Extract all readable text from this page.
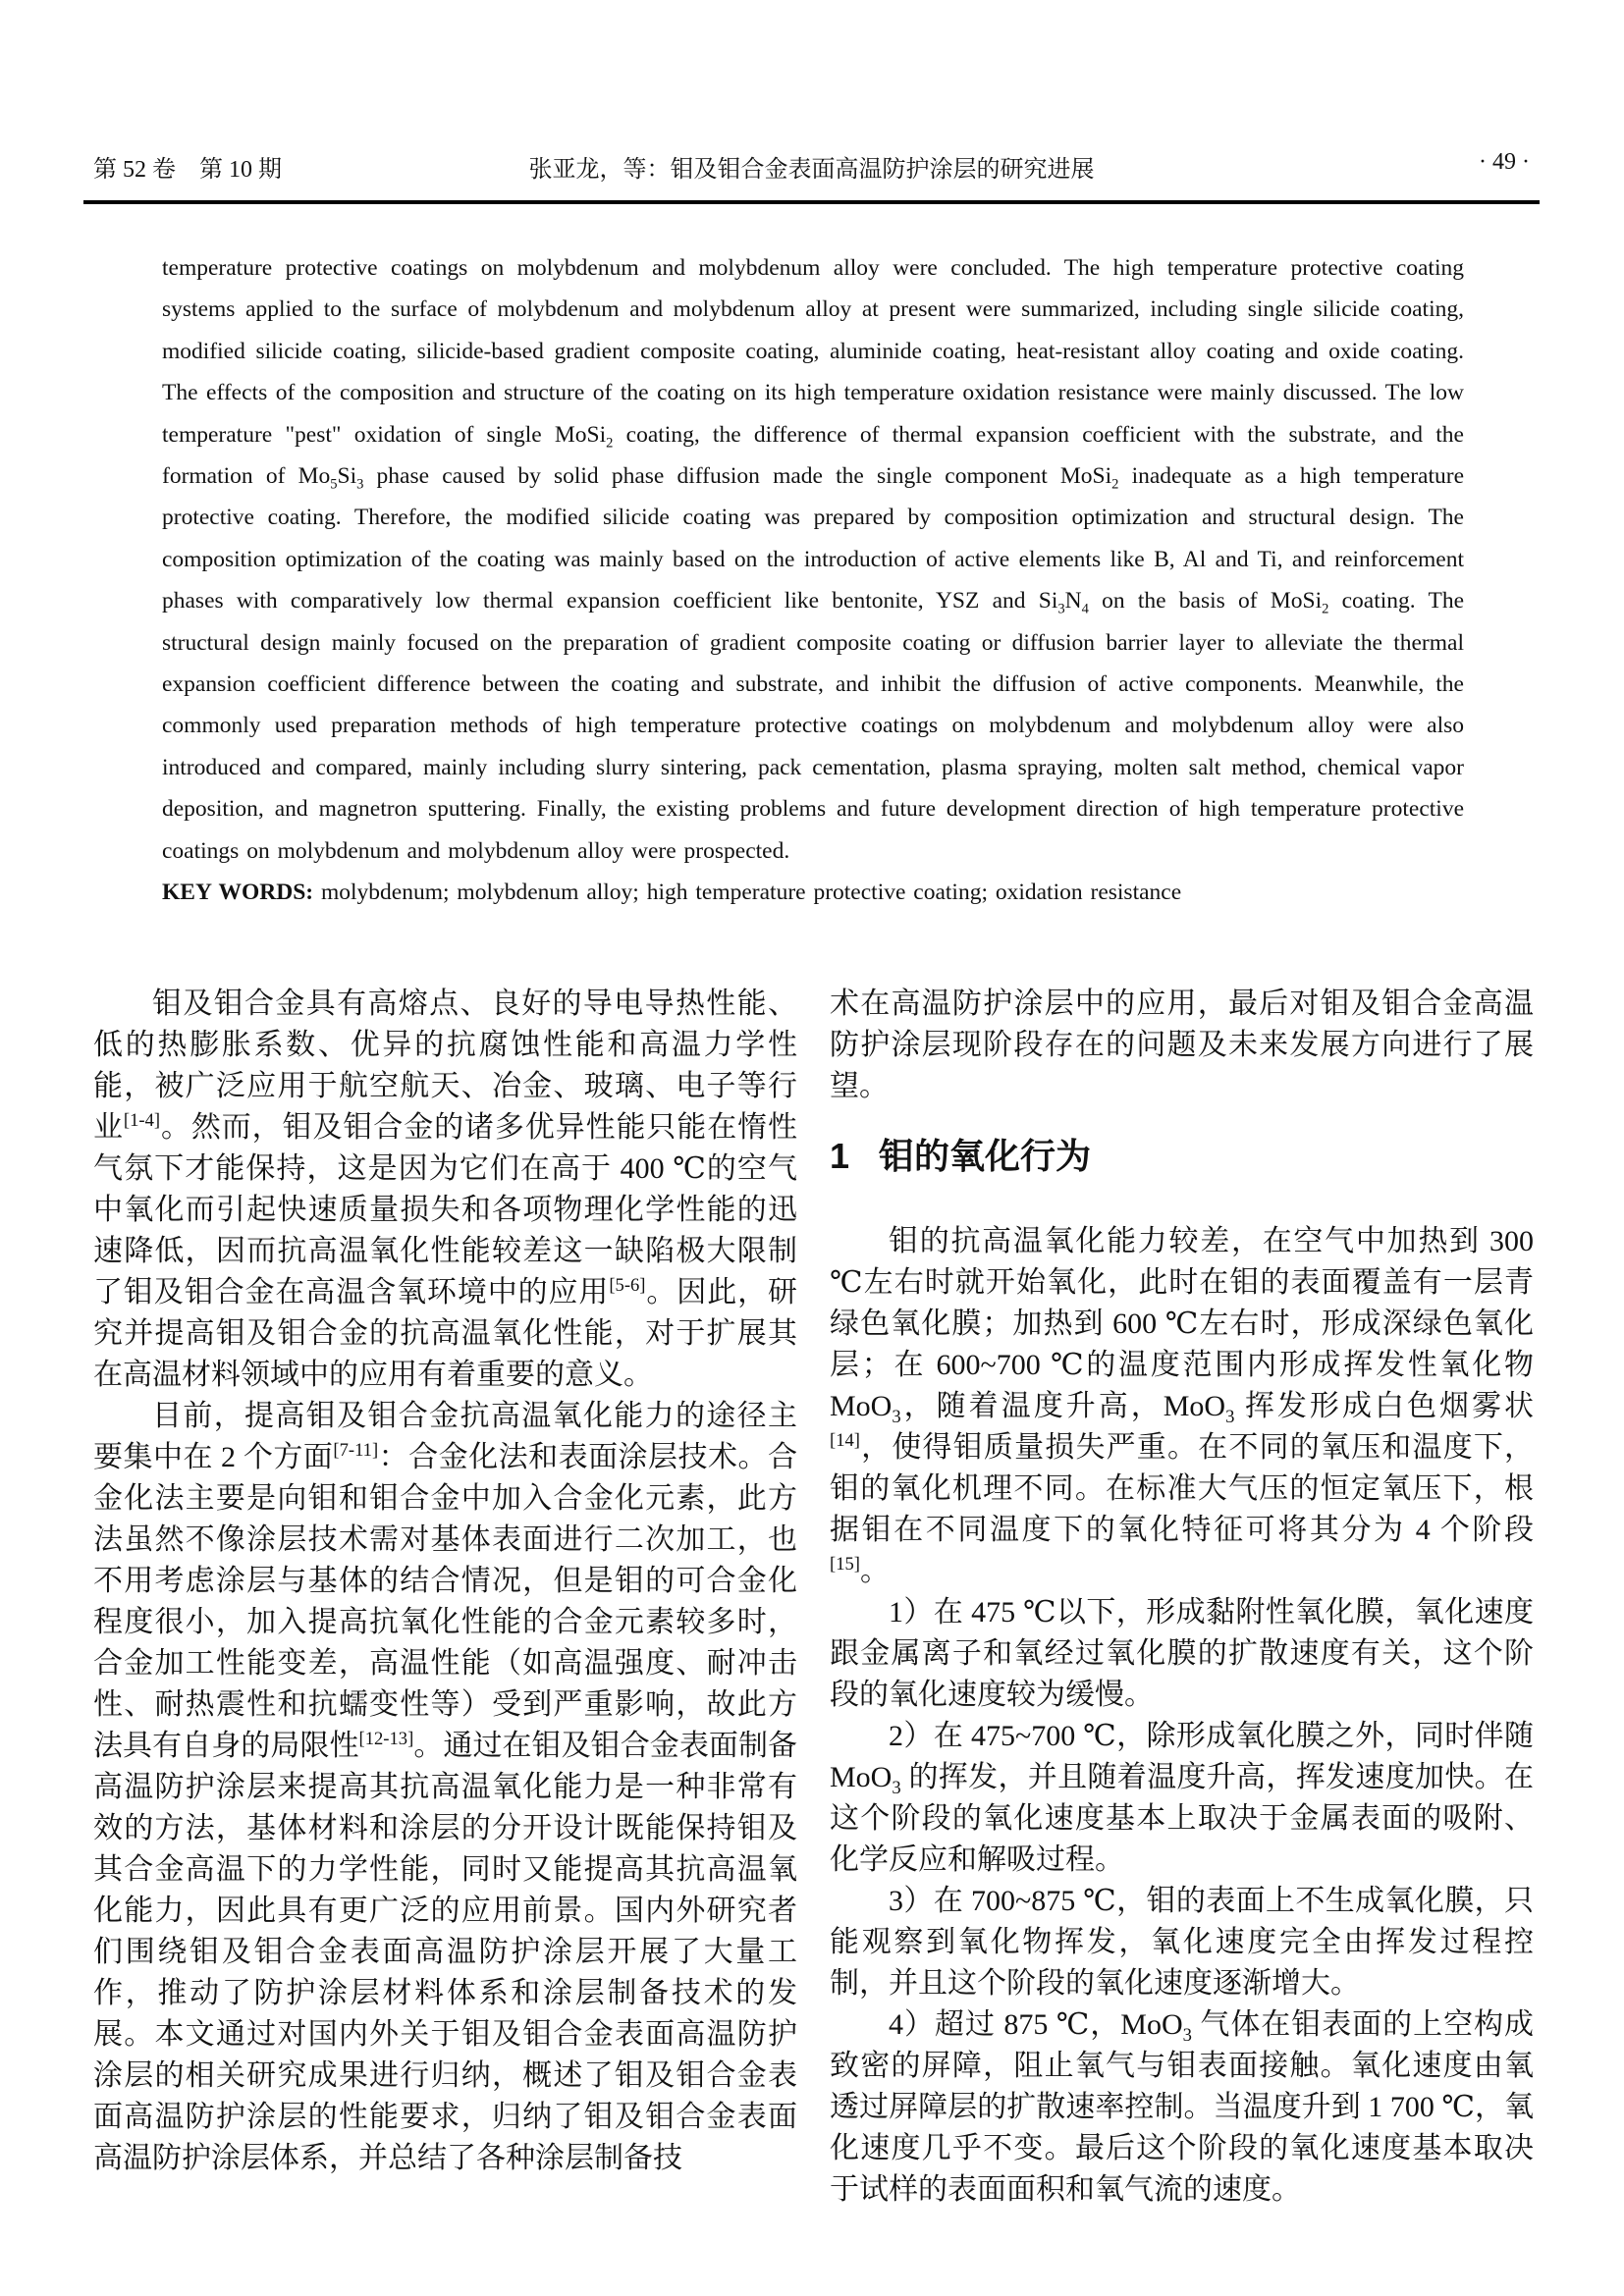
第 52 卷　第 10 期	张亚龙，等：钼及钼合金表面高温防护涂层的研究进展	· 49 ·

temperature protective coatings on molybdenum and molybdenum alloy were concluded. The high temperature protective coating systems applied to the surface of molybdenum and molybdenum alloy at present were summarized, including single silicide coating, modified silicide coating, silicide-based gradient composite coating, aluminide coating, heat-resistant alloy coating and oxide coating. The effects of the composition and structure of the coating on its high temperature oxidation resistance were mainly discussed. The low temperature "pest" oxidation of single MoSi$_2$ coating, the difference of thermal expansion coefficient with the substrate, and the formation of $Mo_5Si_3$ phase caused by solid phase diffusion made the single component MoSi$_2$ inadequate as a high temperature protective coating. Therefore, the modified silicide coating was prepared by composition optimization and structural design. The composition optimization of the coating was mainly based on the introduction of active elements like B, Al and Ti, and reinforcement phases with comparatively low thermal expansion coefficient like bentonite, YSZ and $Si_3N_4$ on the basis of MoSi$_2$ coating. The structural design mainly focused on the preparation of gradient composite coating or diffusion barrier layer to alleviate the thermal expansion coefficient difference between the coating and substrate, and inhibit the diffusion of active components. Meanwhile, the commonly used preparation methods of high temperature protective coatings on molybdenum and molybdenum alloy were also introduced and compared, mainly including slurry sintering, pack cementation, plasma spraying, molten salt method, chemical vapor deposition, and magnetron sputtering. Finally, the existing problems and future development direction of high temperature protective coatings on molybdenum and molybdenum alloy were prospected.

KEY WORDS: molybdenum; molybdenum alloy; high temperature protective coating; oxidation resistance

钼及钼合金具有高熔点、良好的导电导热性能、低的热膨胀系数、优异的抗腐蚀性能和高温力学性能，被广泛应用于航空航天、冶金、玻璃、电子等行业[1-4]。然而，钼及钼合金的诸多优异性能只能在惰性气氛下才能保持，这是因为它们在高于 400 ℃的空气中氧化而引起快速质量损失和各项物理化学性能的迅速降低，因而抗高温氧化性能较差这一缺陷极大限制了钼及钼合金在高温含氧环境中的应用[5-6]。因此，研究并提高钼及钼合金的抗高温氧化性能，对于扩展其在高温材料领域中的应用有着重要的意义。

目前，提高钼及钼合金抗高温氧化能力的途径主要集中在 2 个方面[7-11]：合金化法和表面涂层技术。合金化法主要是向钼和钼合金中加入合金化元素，此方法虽然不像涂层技术需对基体表面进行二次加工，也不用考虑涂层与基体的结合情况，但是钼的可合金化程度很小，加入提高抗氧化性能的合金元素较多时，合金加工性能变差，高温性能（如高温强度、耐冲击性、耐热震性和抗蠕变性等）受到严重影响，故此方法具有自身的局限性[12-13]。通过在钼及钼合金表面制备高温防护涂层来提高其抗高温氧化能力是一种非常有效的方法，基体材料和涂层的分开设计既能保持钼及其合金高温下的力学性能，同时又能提高其抗高温氧化能力，因此具有更广泛的应用前景。国内外研究者们围绕钼及钼合金表面高温防护涂层开展了大量工作，推动了防护涂层材料体系和涂层制备技术的发展。本文通过对国内外关于钼及钼合金表面高温防护涂层的相关研究成果进行归纳，概述了钼及钼合金表面高温防护涂层的性能要求，归纳了钼及钼合金表面高温防护涂层体系，并总结了各种涂层制备技

术在高温防护涂层中的应用，最后对钼及钼合金高温防护涂层现阶段存在的问题及未来发展方向进行了展望。

1 钼的氧化行为

钼的抗高温氧化能力较差，在空气中加热到 300 ℃左右时就开始氧化，此时在钼的表面覆盖有一层青绿色氧化膜；加热到 600 ℃左右时，形成深绿色氧化层；在 600~700 ℃的温度范围内形成挥发性氧化物 MoO$_3$，随着温度升高，MoO$_3$ 挥发形成白色烟雾状[14]，使得钼质量损失严重。在不同的氧压和温度下，钼的氧化机理不同。在标准大气压的恒定氧压下，根据钼在不同温度下的氧化特征可将其分为 4 个阶段[15]。

1）在 475 ℃以下，形成黏附性氧化膜，氧化速度跟金属离子和氧经过氧化膜的扩散速度有关，这个阶段的氧化速度较为缓慢。

2）在 475~700 ℃，除形成氧化膜之外，同时伴随 MoO$_3$ 的挥发，并且随着温度升高，挥发速度加快。在这个阶段的氧化速度基本上取决于金属表面的吸附、化学反应和解吸过程。

3）在 700~875 ℃，钼的表面上不生成氧化膜，只能观察到氧化物挥发，氧化速度完全由挥发过程控制，并且这个阶段的氧化速度逐渐增大。

4）超过 875 ℃，MoO$_3$ 气体在钼表面的上空构成致密的屏障，阻止氧气与钼表面接触。氧化速度由氧透过屏障层的扩散速率控制。当温度升到 1 700 ℃，氧化速度几乎不变。最后这个阶段的氧化速度基本取决于试样的表面面积和氧气流的速度。
